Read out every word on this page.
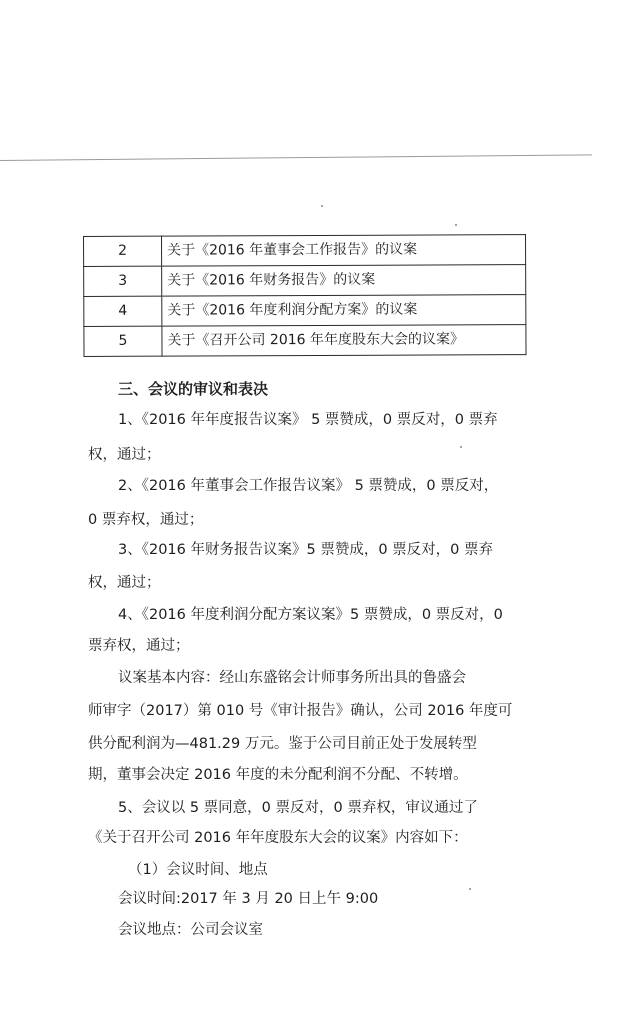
2	关于《2016 年董事会工作报告》的议案
3	关于《2016 年财务报告》的议案
4	关于《2016 年度利润分配方案》的议案
5	关于《召开公司 2016 年年度股东大会的议案》
三、会议的审议和表决
1、《2016 年年度报告议案》 5 票赞成，0 票反对，0 票弃
权，通过；
2、《2016 年董事会工作报告议案》 5 票赞成，0 票反对，
0 票弃权，通过；
3、《2016 年财务报告议案》5 票赞成，0 票反对，0 票弃
权，通过；
4、《2016 年度利润分配方案议案》5 票赞成，0 票反对，0
票弃权，通过；
议案基本内容：经山东盛铭会计师事务所出具的鲁盛会
师审字（2017）第 010 号《审计报告》确认，公司 2016 年度可
供分配利润为—481.29 万元。鉴于公司目前正处于发展转型
期，董事会决定 2016 年度的未分配利润不分配、不转增。
5、会议以 5 票同意，0 票反对，0 票弃权，审议通过了
《关于召开公司 2016 年年度股东大会的议案》内容如下：
（1）会议时间、地点
会议时间:2017 年 3 月 20 日上午 9:00
会议地点：公司会议室
